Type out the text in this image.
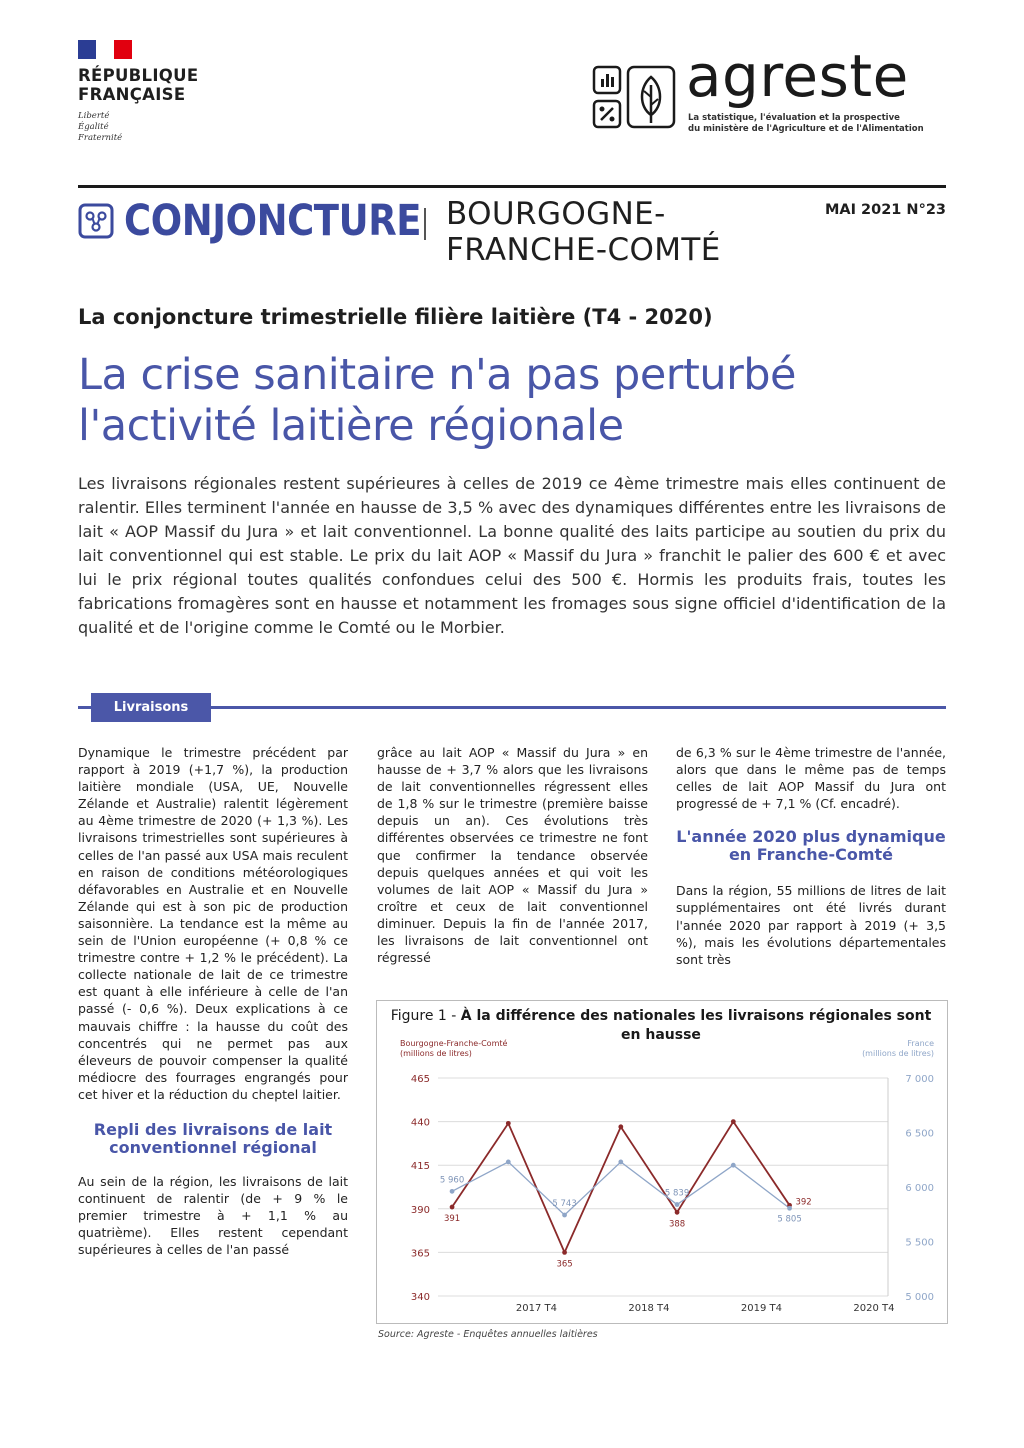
RÉPUBLIQUE
FRANÇAISE
Liberté
Égalité
Fraternité
agreste
La statistique, l'évaluation et la prospective
du ministère de l'Agriculture et de l'Alimentation
CONJONCTURE BOURGOGNE-
FRANCHE-COMTÉ
MAI 2021 N°23
La conjoncture trimestrielle filière laitière (T4 - 2020)
La crise sanitaire n'a pas perturbé
l'activité laitière régionale
Les livraisons régionales restent supérieures à celles de 2019 ce 4ème trimestre mais elles continuent de ralentir. Elles terminent l'année en hausse de 3,5 % avec des dynamiques différentes entre les livraisons de lait « AOP Massif du Jura » et lait conventionnel. La bonne qualité des laits participe au soutien du prix du lait conventionnel qui est stable. Le prix du lait AOP « Massif du Jura » franchit le palier des 600 € et avec lui le prix régional toutes qualités confondues celui des 500 €. Hormis les produits frais, toutes les fabrications fromagères sont en hausse et notamment les fromages sous signe officiel d'identification de la qualité et de l'origine comme le Comté ou le Morbier.
Livraisons
Dynamique le trimestre précédent par rapport à 2019 (+1,7 %), la production laitière mondiale (USA, UE, Nouvelle Zélande et Australie) ralentit légèrement au 4ème trimestre de 2020 (+ 1,3 %). Les livraisons trimestrielles sont supérieures à celles de l'an passé aux USA mais reculent en raison de conditions météorologiques défavorables en Australie et en Nouvelle Zélande qui est à son pic de production saisonnière. La tendance est la même au sein de l'Union européenne (+ 0,8 % ce trimestre contre + 1,2 % le précédent). La collecte nationale de lait de ce trimestre est quant à elle inférieure à celle de l'an passé (- 0,6 %). Deux explications à ce mauvais chiffre : la hausse du coût des concentrés qui ne permet pas aux éleveurs de pouvoir compenser la qualité médiocre des fourrages engrangés pour cet hiver et la réduction du cheptel laitier.
Repli des livraisons de lait conventionnel régional
Au sein de la région, les livraisons de lait continuent de ralentir (de + 9 % le premier trimestre à + 1,1 % au quatrième). Elles restent cependant supérieures à celles de l'an passé
grâce au lait AOP « Massif du Jura » en hausse de + 3,7 % alors que les livraisons de lait conventionnelles régressent elles de 1,8 % sur le trimestre (première baisse depuis un an). Ces évolutions très différentes observées ce trimestre ne font que confirmer la tendance observée depuis quelques années et qui voit les volumes de lait AOP « Massif du Jura » croître et ceux de lait conventionnel diminuer. Depuis la fin de l'année 2017, les livraisons de lait conventionnel ont régressé
de 6,3 % sur le 4ème trimestre de l'année, alors que dans le même pas de temps celles de lait AOP Massif du Jura ont progressé de + 7,1 % (Cf. encadré).
L'année 2020 plus dynamique en Franche-Comté
Dans la région, 55 millions de litres de lait supplémentaires ont été livrés durant l'année 2020 par rapport à 2019 (+ 3,5 %), mais les évolutions départementales sont très
Figure 1 - À la différence des nationales les livraisons régionales sont en hausse
Bourgogne-Franche-Comté
(millions de litres)
France
(millions de litres)
340
365
390
415
440
465
5 000
5 500
6 000
6 500
7 000
2017 T4	2018 T4	2019 T4	2020 T4
391
365
388
392
5 960
5 743
5 839
5 805
Source: Agreste - Enquêtes annuelles laitières
